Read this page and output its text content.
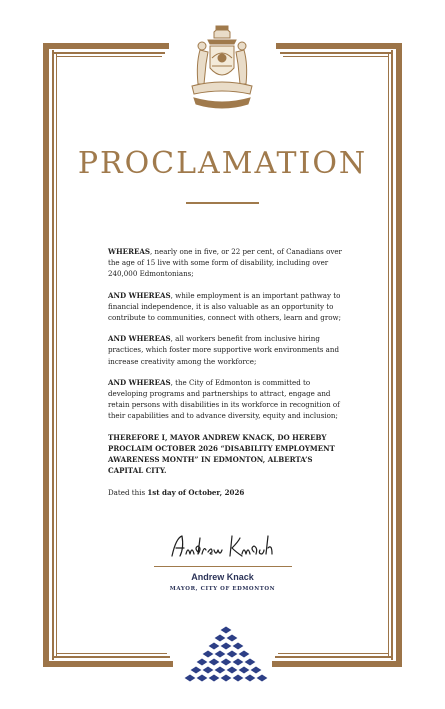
PROCLAMATION

WHEREAS, nearly one in five, or 22 per cent, of Canadians over the age of 15 live with some form of disability, including over 240,000 Edmontonians;

AND WHEREAS, while employment is an important pathway to financial independence, it is also valuable as an opportunity to contribute to communities, connect with others, learn and grow;

AND WHEREAS, all workers benefit from inclusive hiring practices, which foster more supportive work environments and increase creativity among the workforce;

AND WHEREAS, the City of Edmonton is committed to developing programs and partnerships to attract, engage and retain persons with disabilities in its workforce in recognition of their capabilities and to advance diversity, equity and inclusion;

THEREFORE I, MAYOR ANDREW KNACK, DO HEREBY PROCLAIM OCTOBER 2026 “DISABILITY EMPLOYMENT AWARENESS MONTH” IN EDMONTON, ALBERTA’S CAPITAL CITY.

Dated this 1st day of October, 2026

Andrew Knack
MAYOR, CITY OF EDMONTON
